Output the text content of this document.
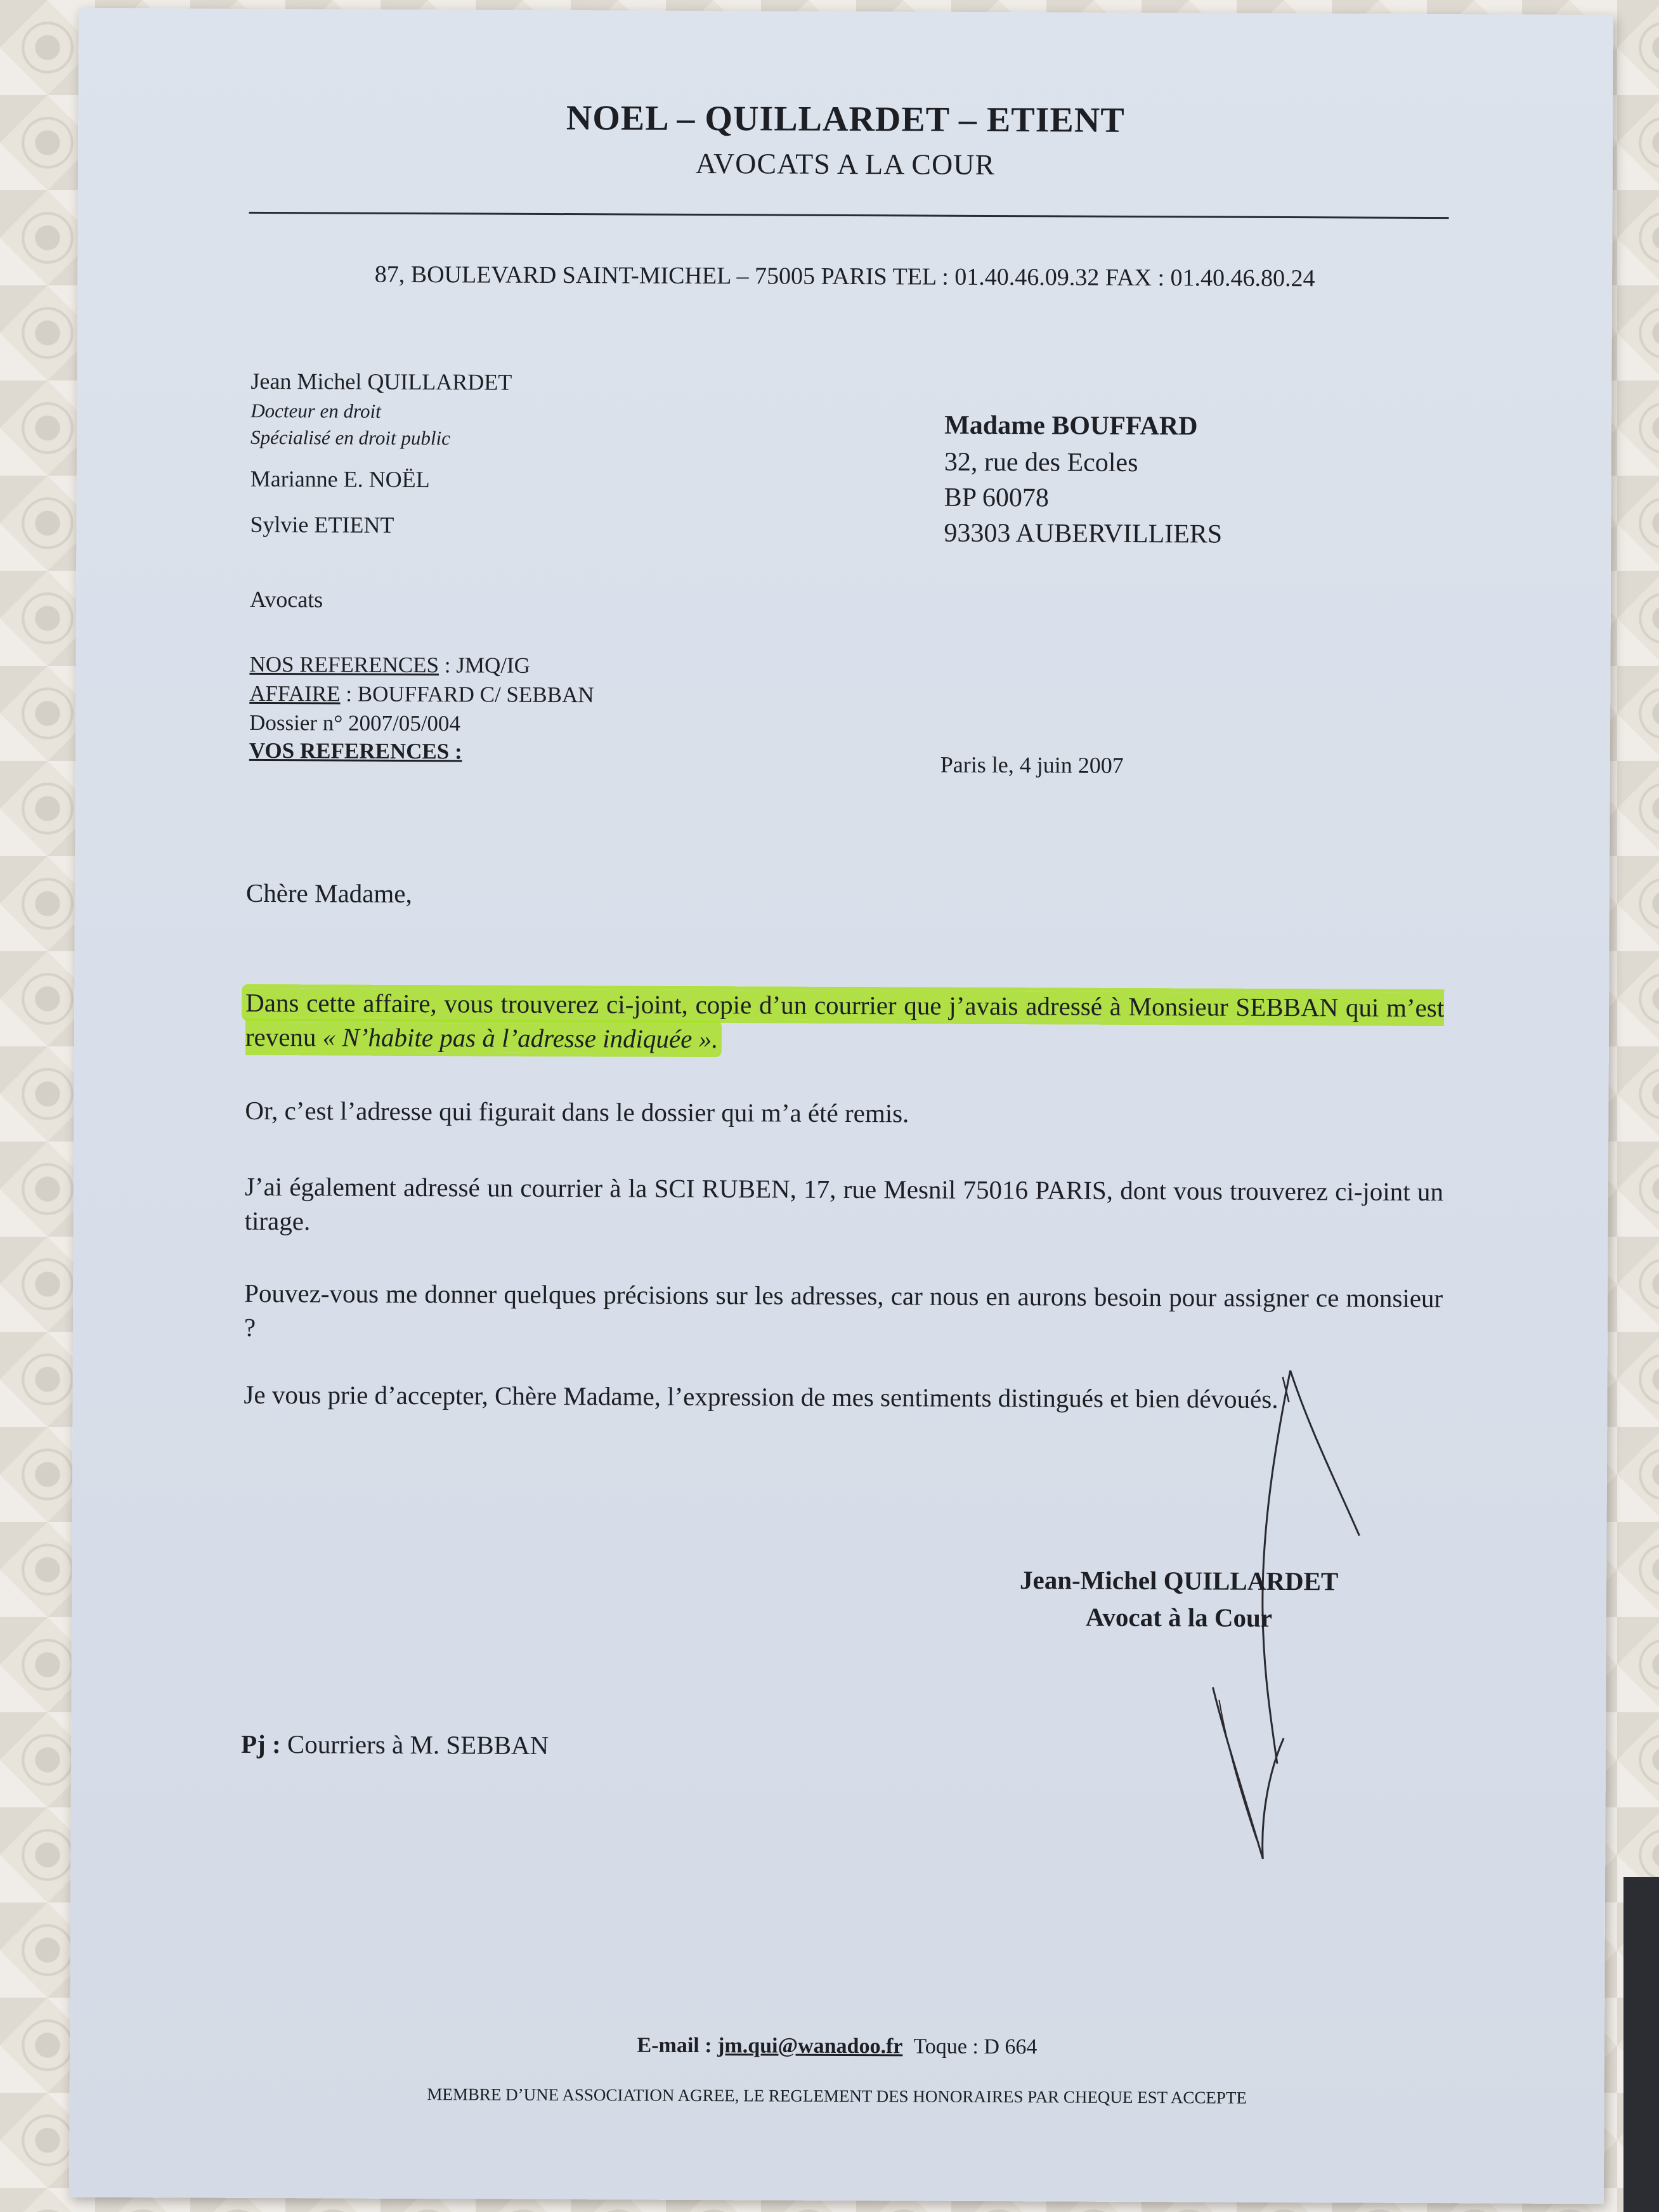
NOEL – QUILLARDET – ETIENT
AVOCATS A LA COUR
87, BOULEVARD SAINT-MICHEL – 75005 PARIS TEL : 01.40.46.09.32 FAX : 01.40.46.80.24
Jean Michel QUILLARDET
Docteur en droit
Spécialisé en droit public
Marianne E. NOËL
Sylvie ETIENT
Avocats
Madame BOUFFARD
32, rue des Ecoles
BP 60078
93303 AUBERVILLIERS
NOS REFERENCES : JMQ/IG
AFFAIRE : BOUFFARD C/ SEBBAN
Dossier n° 2007/05/004
VOS REFERENCES :
Paris le, 4 juin 2007
Chère Madame,
Dans cette affaire, vous trouverez ci-joint, copie d’un courrier que j’avais adressé à Monsieur SEBBAN qui m’est revenu « N’habite pas à l’adresse indiquée ».
Or, c’est l’adresse qui figurait dans le dossier qui m’a été remis.
J’ai également adressé un courrier à la SCI RUBEN, 17, rue Mesnil 75016 PARIS, dont vous trouverez ci-joint un tirage.
Pouvez-vous me donner quelques précisions sur les adresses, car nous en aurons besoin pour assigner ce monsieur ?
Je vous prie d’accepter, Chère Madame, l’expression de mes sentiments distingués et bien dévoués.
Jean-Michel QUILLARDET
Avocat à la Cour
Pj : Courriers à M. SEBBAN
E-mail : jm.qui@wanadoo.fr Toque : D 664
MEMBRE D’UNE ASSOCIATION AGREE, LE REGLEMENT DES HONORAIRES PAR CHEQUE EST ACCEPTE
